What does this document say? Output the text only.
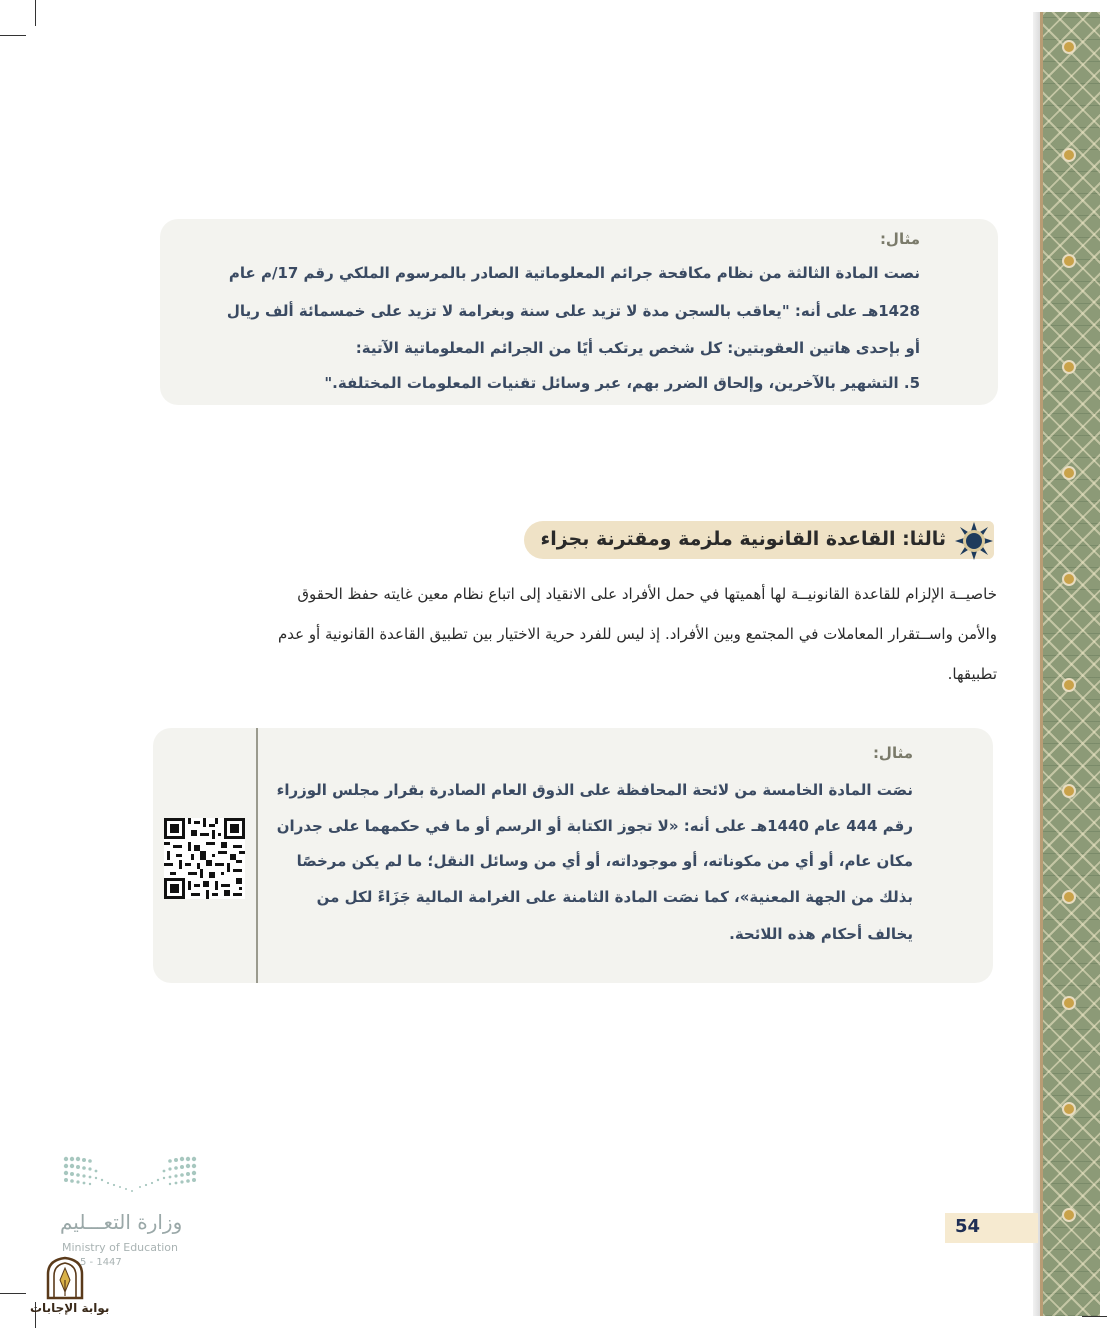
مثال:
نصت المادة الثالثة من نظام مكافحة جرائم المعلوماتية الصادر بالمرسوم الملكي رقم 17/م عام
1428هـ على أنه: "يعاقب بالسجن مدة لا تزيد على سنة وبغرامة لا تزيد على خمسمائة ألف ريال
أو بإحدى هاتين العقوبتين: كل شخص يرتكب أيًا من الجرائم المعلوماتية الآتية:
5. التشهير بالآخرين، وإلحاق الضرر بهم، عبر وسائل تقنيات المعلومات المختلفة."
ثالثا: القاعدة القانونية ملزمة ومقترنة بجزاء
خاصيــة الإلزام للقاعدة القانونيــة لها أهميتها في حمل الأفراد على الانقياد إلى اتباع نظام معين غايته حفظ الحقوق
والأمن واســتقرار المعاملات في المجتمع وبين الأفراد. إذ ليس للفرد حرية الاختيار بين تطبيق القاعدة القانونية أو عدم
تطبيقها.
مثال:
نصَت المادة الخامسة من لائحة المحافظة على الذوق العام الصادرة بقرار مجلس الوزراء
رقم 444 عام 1440هـ على أنه: «لا تجوز الكتابة أو الرسم أو ما في حكمهما على جدران
مكان عام، أو أي من مكوناته، أو موجوداته، أو أي من وسائل النقل؛ ما لم يكن مرخصًا
بذلك من الجهة المعنية»، كما نصَت المادة الثامنة على الغرامة المالية جَزَاءً لكل من
يخالف أحكام هذه اللائحة.
54
وزارة التعـــليم
Ministry of Education
5 - 1447
بوابة الإجابات
